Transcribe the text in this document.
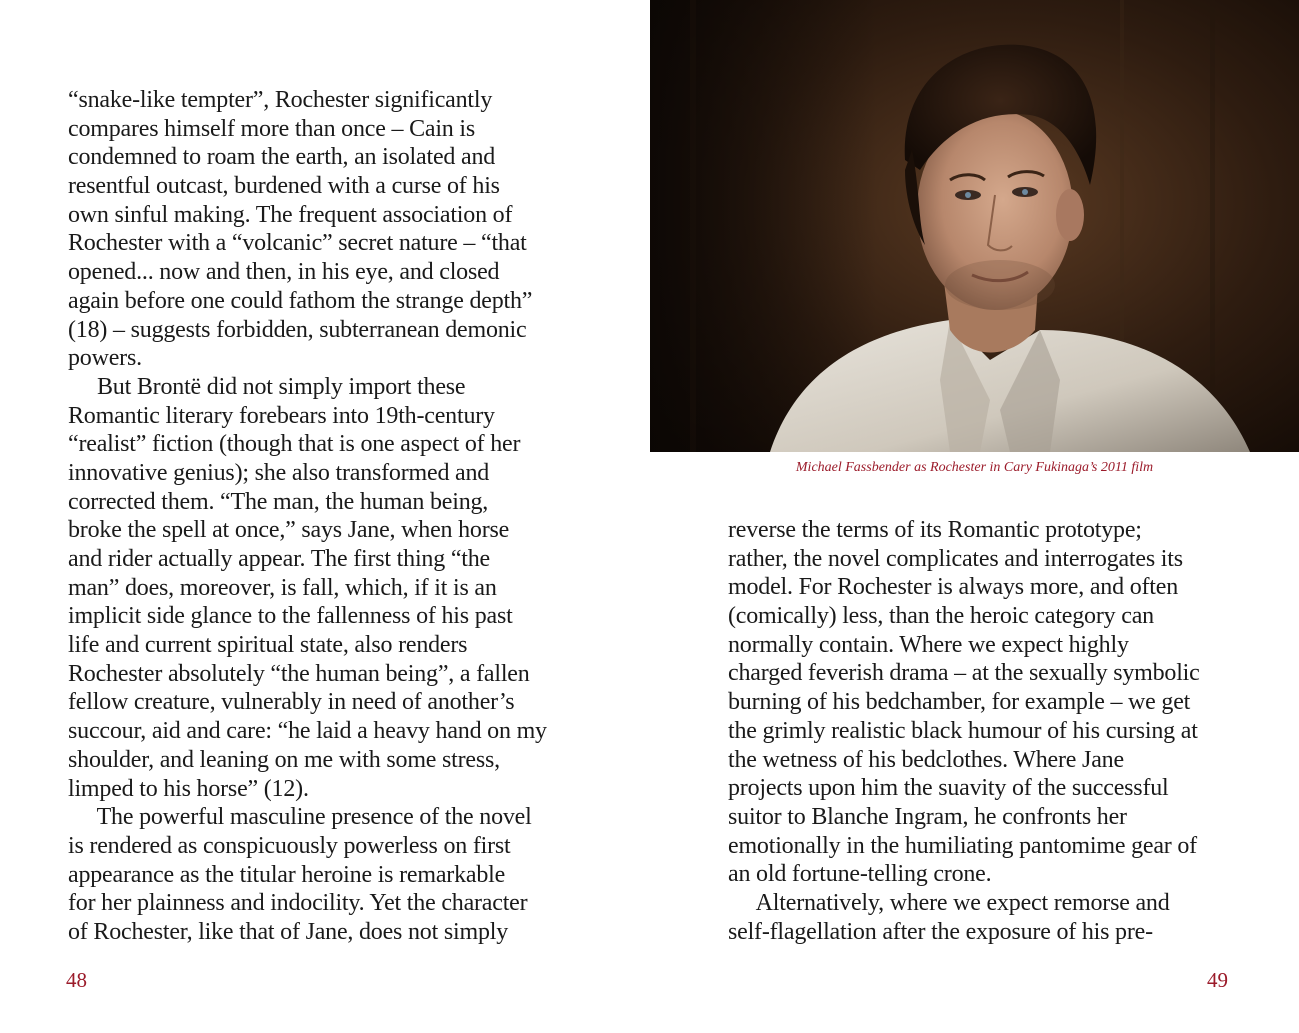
“snake-like tempter”, Rochester significantly
compares himself more than once – Cain is
condemned to roam the earth, an isolated and
resentful outcast, burdened with a curse of his
own sinful making. The frequent association of
Rochester with a “volcanic” secret nature – “that
opened... now and then, in his eye, and closed
again before one could fathom the strange depth”
(18) – suggests forbidden, subterranean demonic
powers.
But Brontë did not simply import these
Romantic literary forebears into 19th-century
“realist” fiction (though that is one aspect of her
innovative genius); she also transformed and
corrected them. “The man, the human being,
broke the spell at once,” says Jane, when horse
and rider actually appear. The first thing “the
man” does, moreover, is fall, which, if it is an
implicit side glance to the fallenness of his past
life and current spiritual state, also renders
Rochester absolutely “the human being”, a fallen
fellow creature, vulnerably in need of another’s
succour, aid and care: “he laid a heavy hand on my
shoulder, and leaning on me with some stress,
limped to his horse” (12).
The powerful masculine presence of the novel
is rendered as conspicuously powerless on first
appearance as the titular heroine is remarkable
for her plainness and indocility. Yet the character
of Rochester, like that of Jane, does not simply
48
Michael Fassbender as Rochester in Cary Fukinaga’s 2011 film
reverse the terms of its Romantic prototype;
rather, the novel complicates and interrogates its
model. For Rochester is always more, and often
(comically) less, than the heroic category can
normally contain. Where we expect highly
charged feverish drama – at the sexually symbolic
burning of his bedchamber, for example – we get
the grimly realistic black humour of his cursing at
the wetness of his bedclothes. Where Jane
projects upon him the suavity of the successful
suitor to Blanche Ingram, he confronts her
emotionally in the humiliating pantomime gear of
an old fortune-telling crone.
Alternatively, where we expect remorse and
self-flagellation after the exposure of his pre-
49
